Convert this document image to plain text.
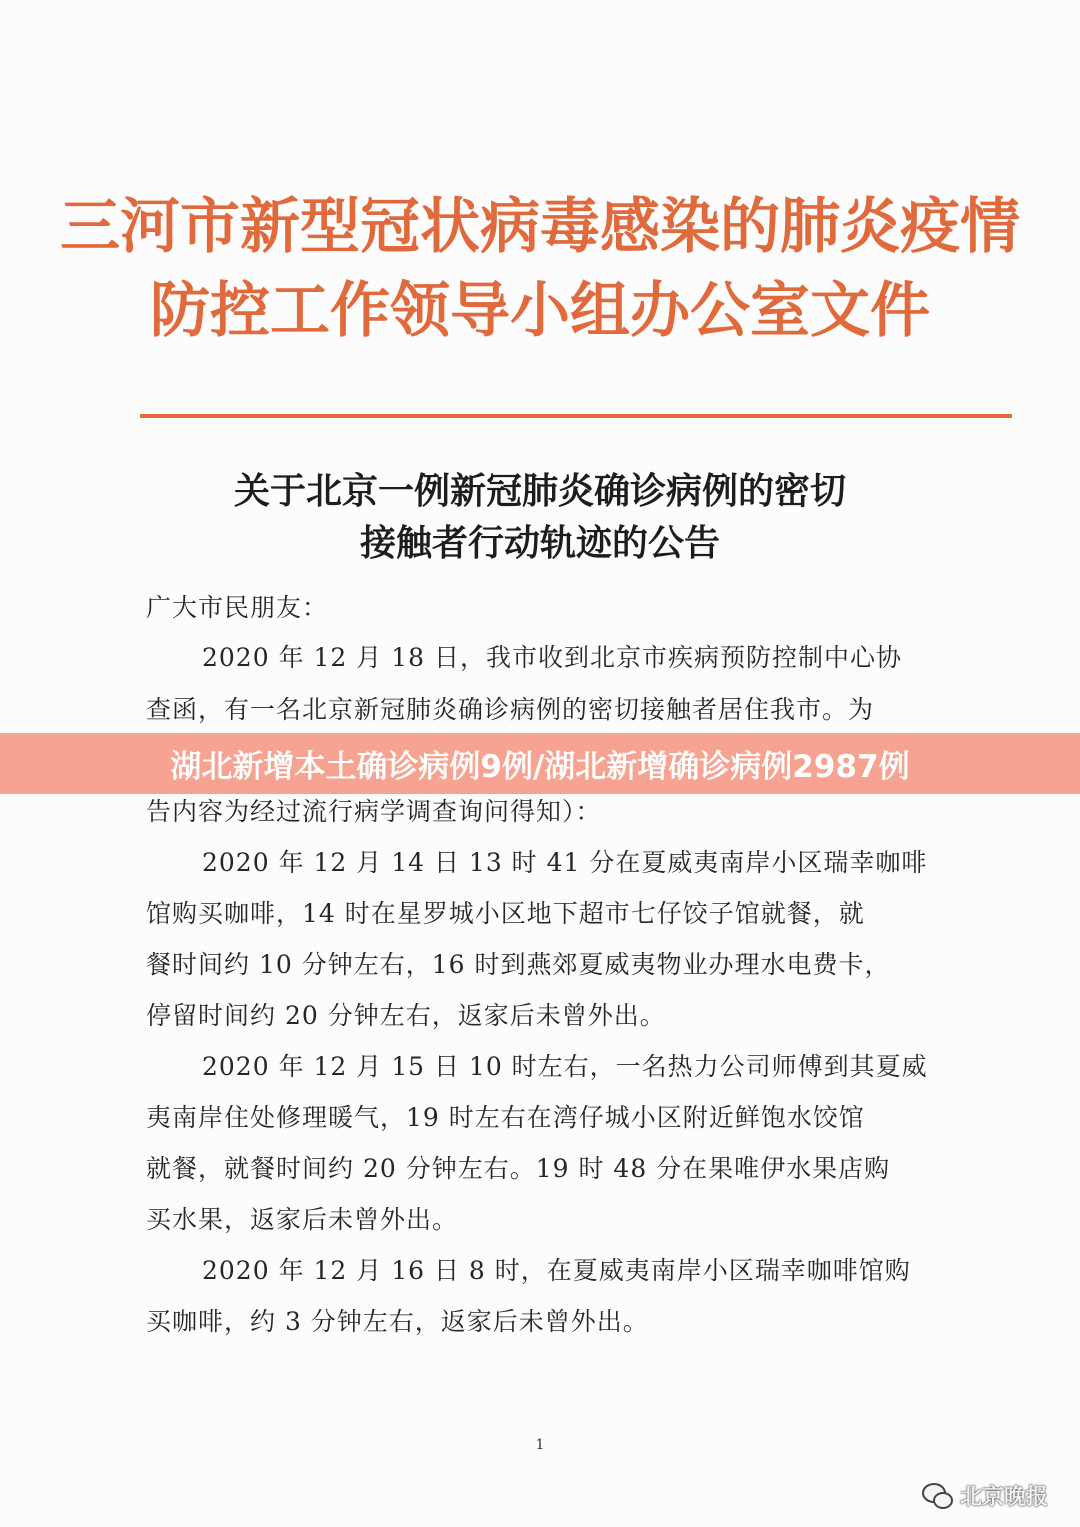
三河市新型冠状病毒感染的肺炎疫情
防控工作领导小组办公室文件
关于北京一例新冠肺炎确诊病例的密切
接触者行动轨迹的公告
广大市民朋友：
2020 年 12 月 18 日，我市收到北京市疾病预防控制中心协
查函，有一名北京新冠肺炎确诊病例的密切接触者居住我市。为
告内容为经过流行病学调查询问得知）：
2020 年 12 月 14 日 13 时 41 分在夏威夷南岸小区瑞幸咖啡
馆购买咖啡，14 时在星罗城小区地下超市七仔饺子馆就餐，就
餐时间约 10 分钟左右，16 时到燕郊夏威夷物业办理水电费卡，
停留时间约 20 分钟左右，返家后未曾外出。
2020 年 12 月 15 日 10 时左右，一名热力公司师傅到其夏威
夷南岸住处修理暖气，19 时左右在湾仔城小区附近鲜饱水饺馆
就餐，就餐时间约 20 分钟左右。19 时 48 分在果唯伊水果店购
买水果，返家后未曾外出。
2020 年 12 月 16 日 8 时，在夏威夷南岸小区瑞幸咖啡馆购
买咖啡，约 3 分钟左右，返家后未曾外出。
湖北新增本土确诊病例9例/湖北新增确诊病例2987例
1
北京晚报
